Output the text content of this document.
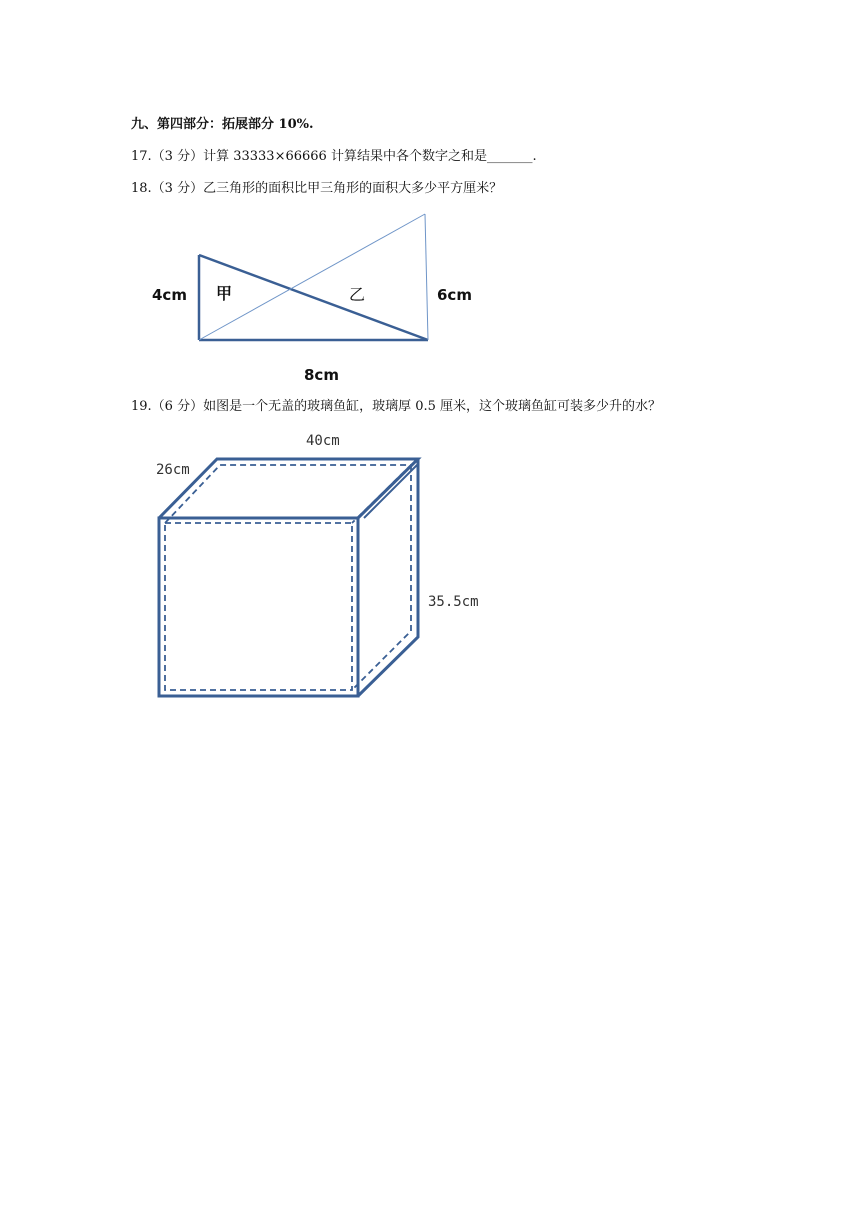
九、第四部分：拓展部分 10%.
17.（3 分）计算 33333×66666 计算结果中各个数字之和是_______.
18.（3 分）乙三角形的面积比甲三角形的面积大多少平方厘米？
4cm 甲	乙	6cm
8cm
40cm
26cm
35.5cm
19.（6 分）如图是一个无盖的玻璃鱼缸，玻璃厚 0.5 厘米，这个玻璃鱼缸可装多少升的水？
